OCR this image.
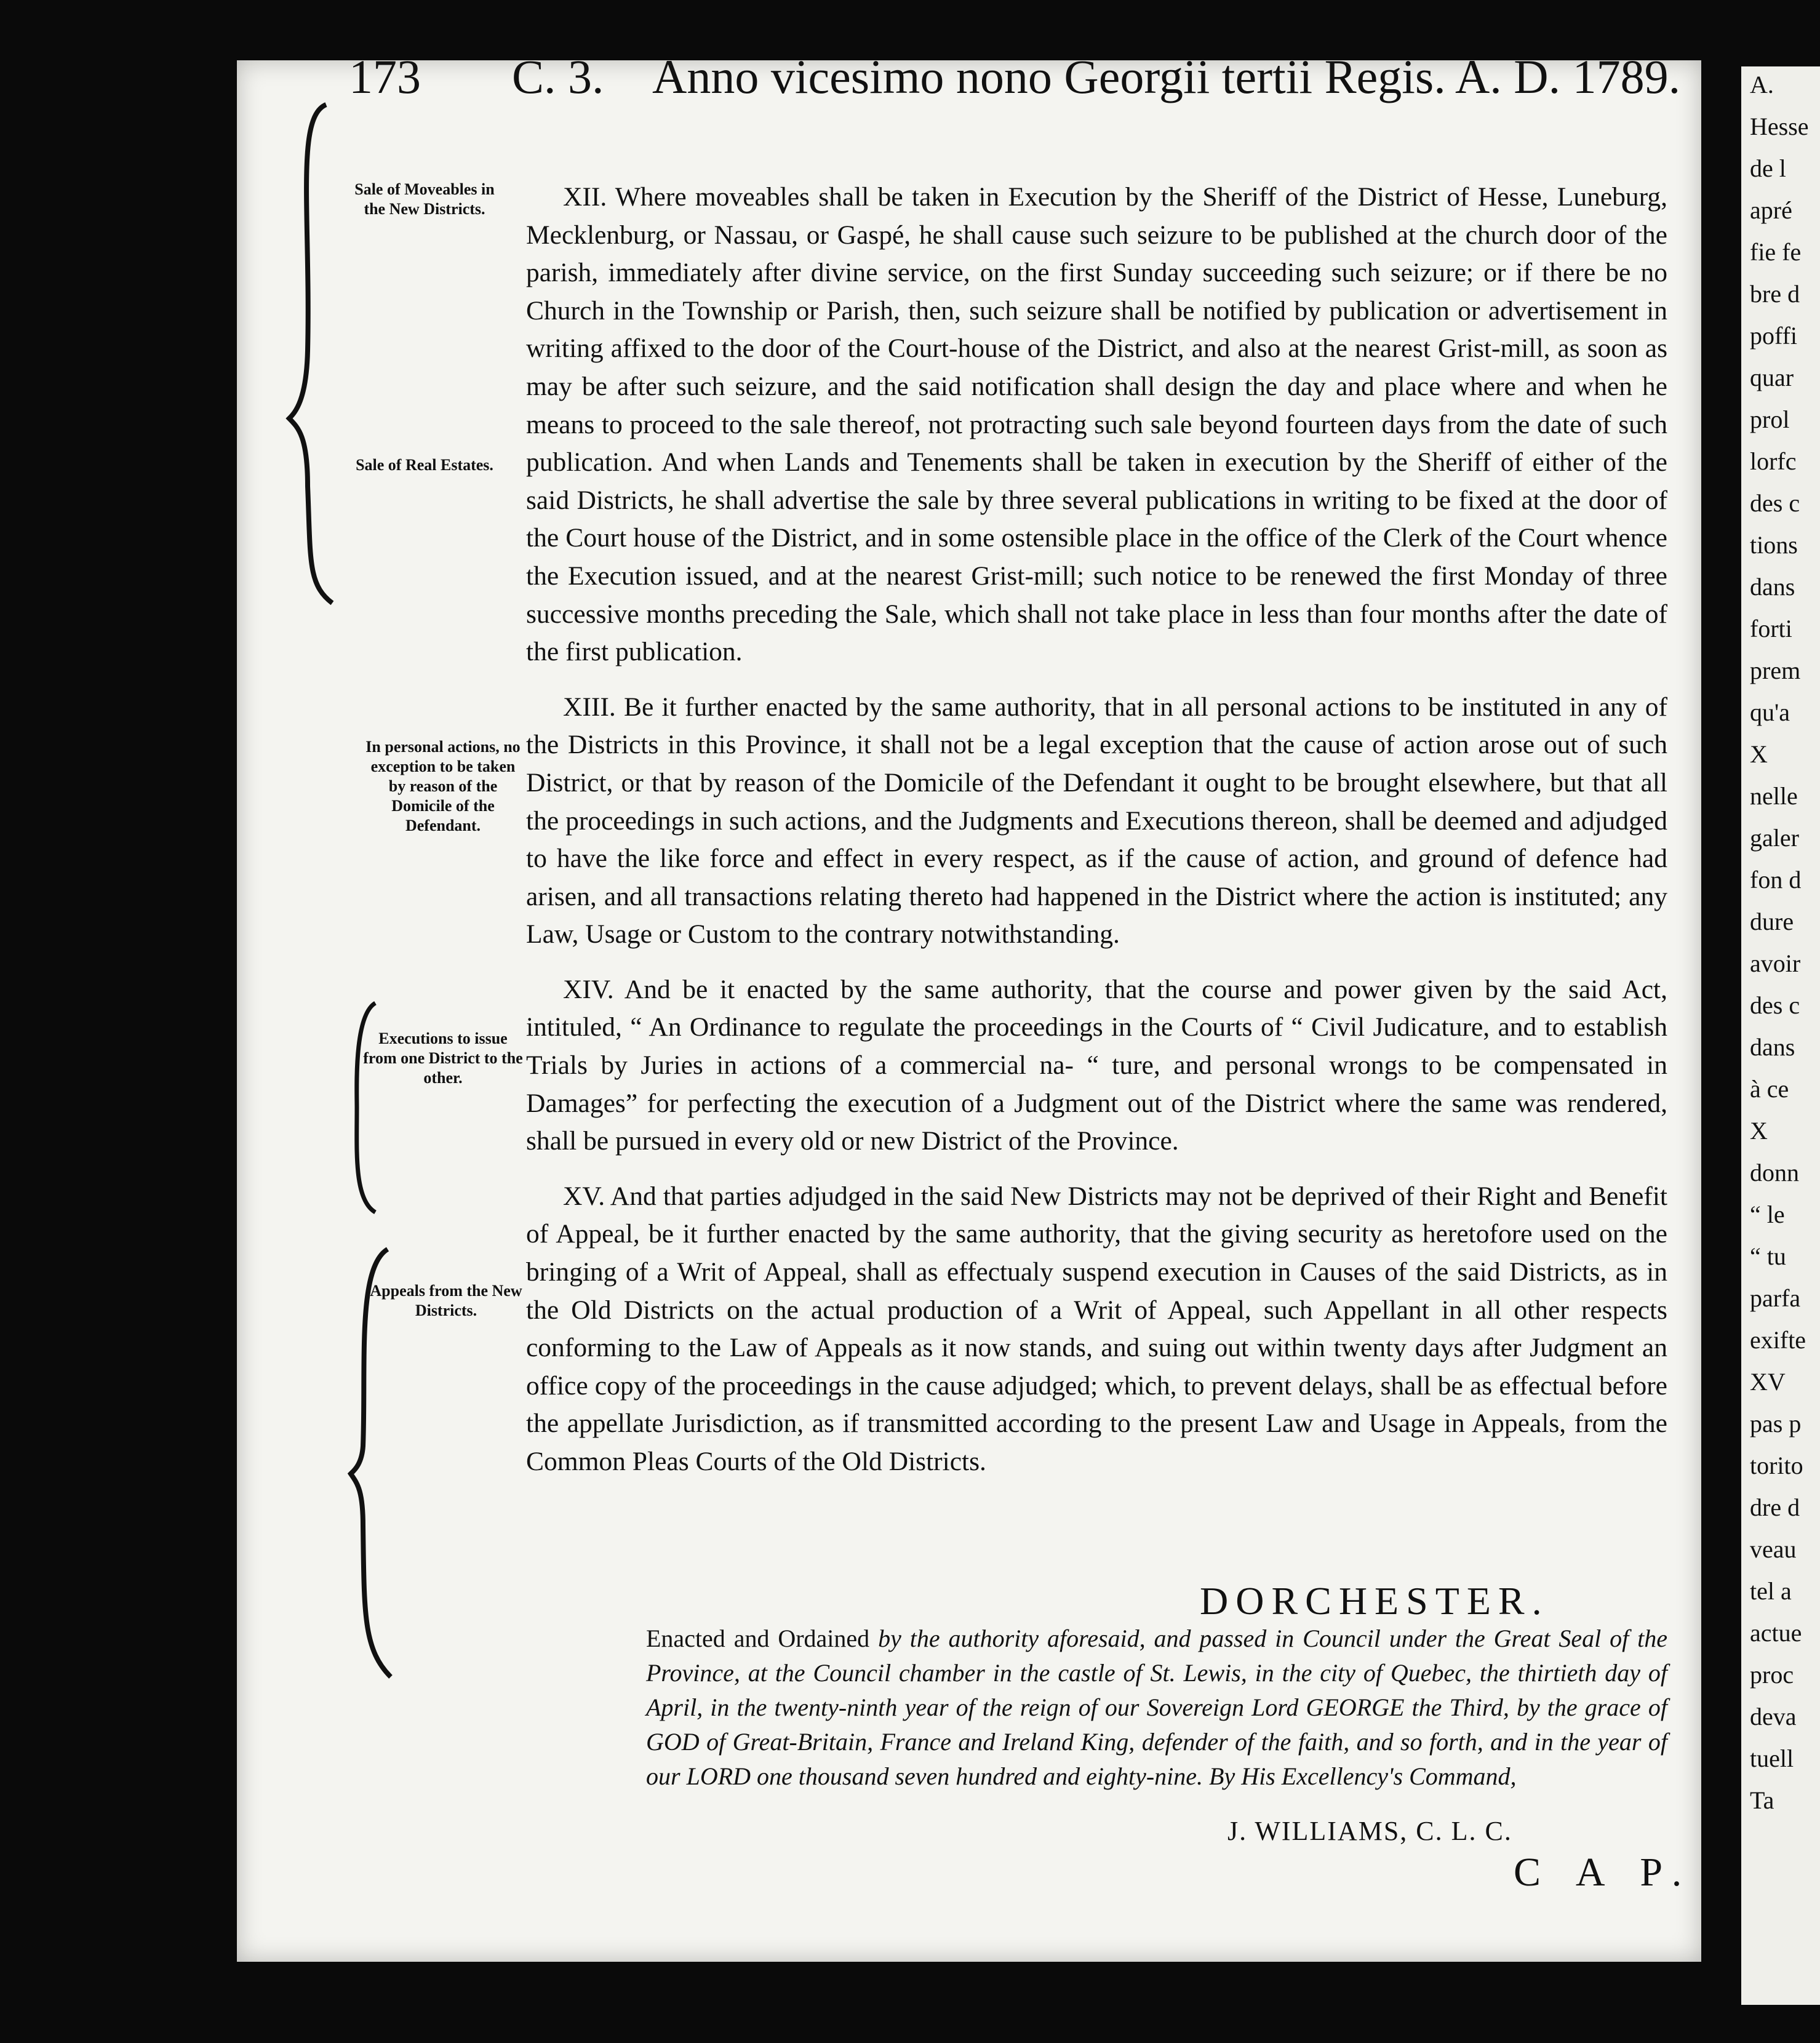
A.
Hesse
de l
apré
fie fe
bre d
poffi
quar
prol
lorfc
des c
tions
dans
forti
prem
qu'a
X
nelle
galer
fon d
dure
avoir
des c
dans
à ce
X
donn
“ le
“ tu
parfa
exifte
XV
pas p
torito
dre d
veau
tel a
actue
proc
deva
tuell
Ta
173 C. 3. Anno vicesimo nono Georgii tertii Regis. A. D. 1789.
Sale of Moveables in the New Districts.
Sale of Real Estates.
In personal actions, no exception to be taken by reason of the Domicile of the Defendant.
Executions to issue from one District to the other.
Appeals from the New Districts.

XII. Where moveables shall be taken in Execution by the Sheriff of the District of Hesse, Luneburg, Mecklenburg, or Nassau, or Gaspé, he shall cause such seizure to be published at the church door of the parish, immediately after divine service, on the first Sunday succeeding such seizure; or if there be no Church in the Township or Parish, then, such seizure shall be notified by publication or advertisement in writing affixed to the door of the Court-house of the District, and also at the nearest Grist-mill, as soon as may be after such seizure, and the said notification shall design the day and place where and when he means to proceed to the sale thereof, not protracting such sale beyond fourteen days from the date of such publication. And when Lands and Tenements shall be taken in execution by the Sheriff of either of the said Districts, he shall advertise the sale by three several publications in writing to be fixed at the door of the Court house of the District, and in some ostensible place in the office of the Clerk of the Court whence the Execution issued, and at the nearest Grist-mill; such notice to be renewed the first Monday of three successive months preceding the Sale, which shall not take place in less than four months after the date of the first publication.

XIII. Be it further enacted by the same authority, that in all personal actions to be instituted in any of the Districts in this Province, it shall not be a legal exception that the cause of action arose out of such District, or that by reason of the Domicile of the Defendant it ought to be brought elsewhere, but that all the proceedings in such actions, and the Judgments and Executions thereon, shall be deemed and adjudged to have the like force and effect in every respect, as if the cause of action, and ground of defence had arisen, and all transactions relating thereto had happened in the District where the action is instituted; any Law, Usage or Custom to the contrary notwithstanding.

XIV. And be it enacted by the same authority, that the course and power given by the said Act, intituled, “ An Ordinance to regulate the proceedings in the Courts of “ Civil Judicature, and to establish Trials by Juries in actions of a commercial na- “ ture, and personal wrongs to be compensated in Damages” for perfecting the execution of a Judgment out of the District where the same was rendered, shall be pursued in every old or new District of the Province.

XV. And that parties adjudged in the said New Districts may not be deprived of their Right and Benefit of Appeal, be it further enacted by the same authority, that the giving security as heretofore used on the bringing of a Writ of Appeal, shall as effectualy suspend execution in Causes of the said Districts, as in the Old Districts on the actual production of a Writ of Appeal, such Appellant in all other respects conforming to the Law of Appeals as it now stands, and suing out within twenty days after Judgment an office copy of the proceedings in the cause adjudged; which, to prevent delays, shall be as effectual before the appellate Jurisdiction, as if transmitted according to the present Law and Usage in Appeals, from the Common Pleas Courts of the Old Districts.

DORCHESTER.
Enacted and Ordained by the authority aforesaid, and passed in Council under the Great Seal of the Province, at the Council chamber in the castle of St. Lewis, in the city of Quebec, the thirtieth day of April, in the twenty-ninth year of the reign of our Sovereign Lord GEORGE the Third, by the grace of GOD of Great-Britain, France and Ireland King, defender of the faith, and so forth, and in the year of our LORD one thousand seven hundred and eighty-nine. By His Excellency's Command,
J. WILLIAMS, C. L. C.
C A P.
